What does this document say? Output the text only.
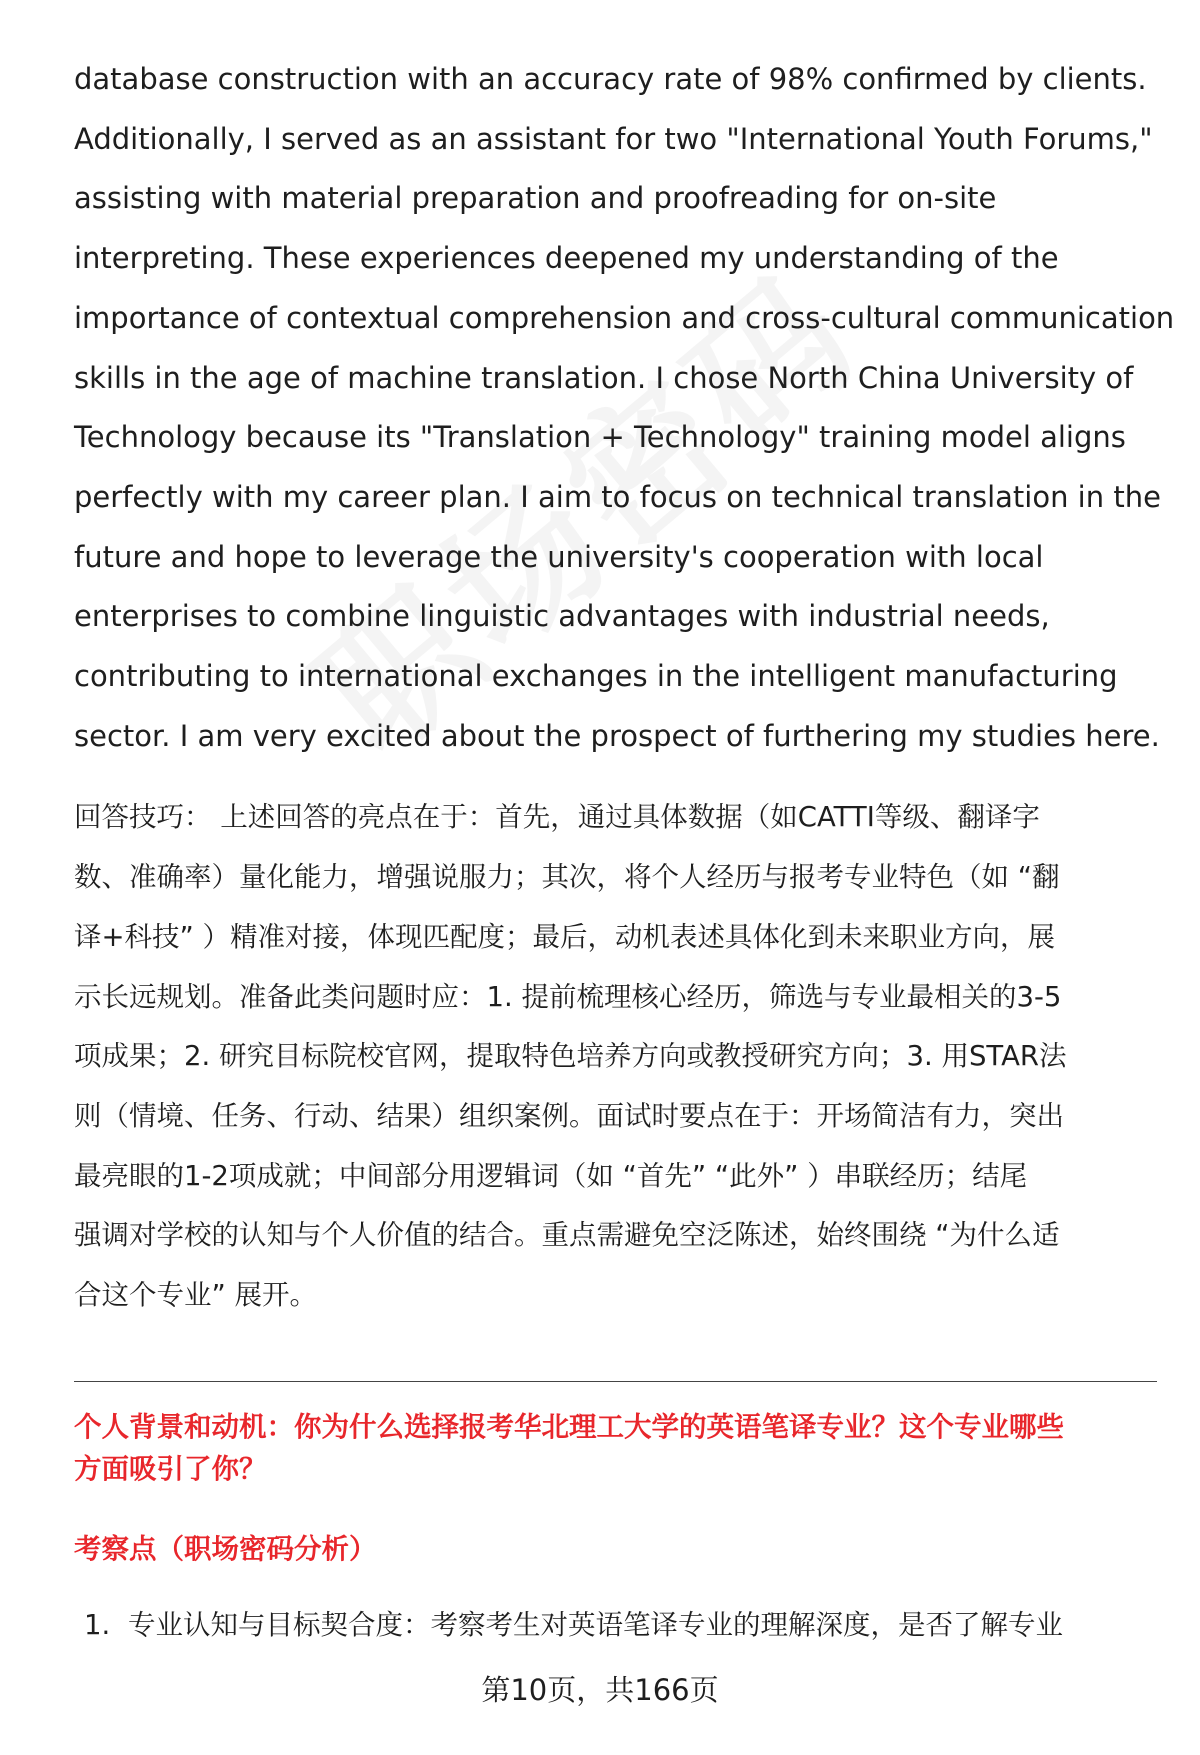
database construction with an accuracy rate of 98% confirmed by clients.
Additionally, I served as an assistant for two "International Youth Forums,"
assisting with material preparation and proofreading for on-site
interpreting. These experiences deepened my understanding of the
importance of contextual comprehension and cross-cultural communication
skills in the age of machine translation. I chose North China University of
Technology because its "Translation + Technology" training model aligns
perfectly with my career plan. I aim to focus on technical translation in the
future and hope to leverage the university's cooperation with local
enterprises to combine linguistic advantages with industrial needs,
contributing to international exchanges in the intelligent manufacturing
sector. I am very excited about the prospect of furthering my studies here.

回答技巧： 上述回答的亮点在于：首先，通过具体数据（如CATTI等级、翻译字
数、准确率）量化能力，增强说服力；其次，将个人经历与报考专业特色（如 “翻
译+科技” ）精准对接，体现匹配度；最后，动机表述具体化到未来职业方向，展
示长远规划。准备此类问题时应：1. 提前梳理核心经历，筛选与专业最相关的3-5
项成果；2. 研究目标院校官网，提取特色培养方向或教授研究方向；3. 用STAR法
则（情境、任务、行动、结果）组织案例。面试时要点在于：开场简洁有力，突出
最亮眼的1-2项成就；中间部分用逻辑词（如 “首先” “此外” ）串联经历；结尾
强调对学校的认知与个人价值的结合。重点需避免空泛陈述，始终围绕 “为什么适
合这个专业” 展开。
个人背景和动机：你为什么选择报考华北理工大学的英语笔译专业？这个专业哪些
方面吸引了你？
考察点（职场密码分析）
1. 专业认知与目标契合度：考察考生对英语笔译专业的理解深度，是否了解专业
第10页，共166页
